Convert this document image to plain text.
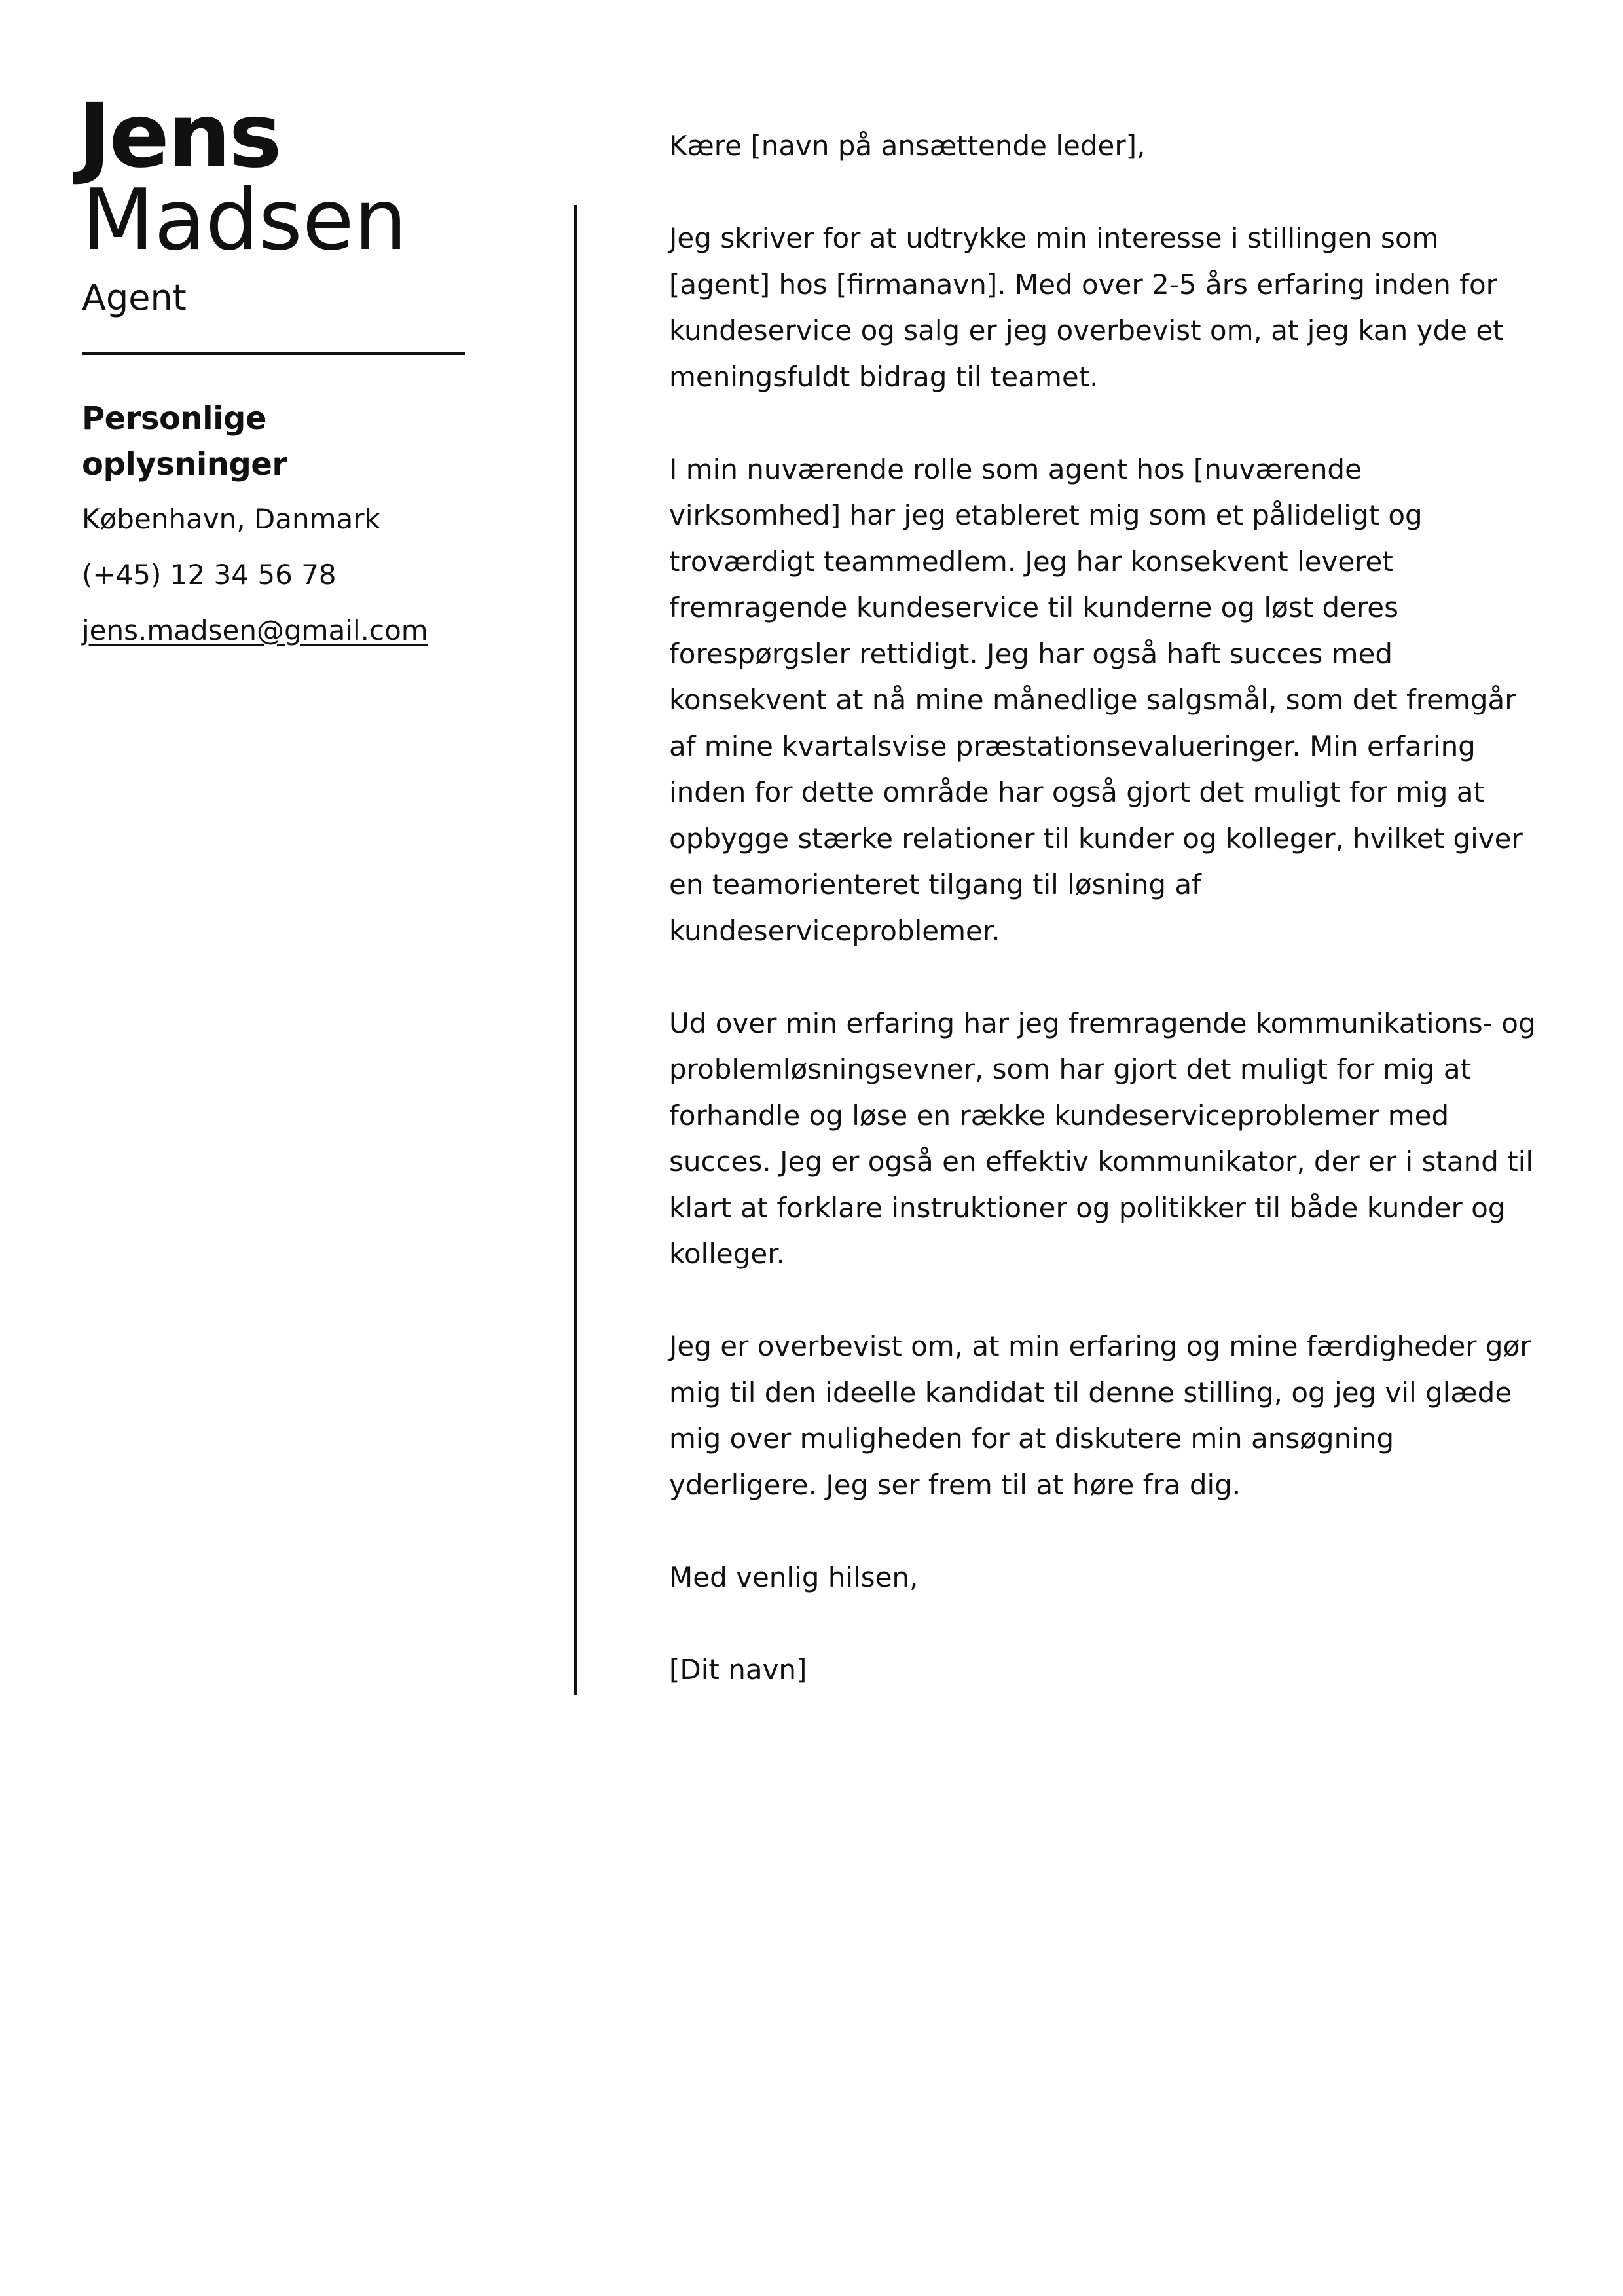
Jens
Madsen
Agent
Personlige oplysninger
København, Danmark
(+45) 12 34 56 78
jens.madsen@gmail.com

Kære [navn på ansættende leder],

Jeg skriver for at udtrykke min interesse i stillingen som [agent] hos [firmanavn]. Med over 2-5 års erfaring inden for kundeservice og salg er jeg overbevist om, at jeg kan yde et meningsfuldt bidrag til teamet.

I min nuværende rolle som agent hos [nuværende virksomhed] har jeg etableret mig som et pålideligt og troværdigt teammedlem. Jeg har konsekvent leveret fremragende kundeservice til kunderne og løst deres forespørgsler rettidigt. Jeg har også haft succes med konsekvent at nå mine månedlige salgsmål, som det fremgår af mine kvartalsvise præstationsevalueringer. Min erfaring inden for dette område har også gjort det muligt for mig at opbygge stærke relationer til kunder og kolleger, hvilket giver en teamorienteret tilgang til løsning af kundeserviceproblemer.

Ud over min erfaring har jeg fremragende kommunikations- og problemløsningsevner, som har gjort det muligt for mig at forhandle og løse en række kundeserviceproblemer med succes. Jeg er også en effektiv kommunikator, der er i stand til klart at forklare instruktioner og politikker til både kunder og kolleger.

Jeg er overbevist om, at min erfaring og mine færdigheder gør mig til den ideelle kandidat til denne stilling, og jeg vil glæde mig over muligheden for at diskutere min ansøgning yderligere. Jeg ser frem til at høre fra dig.

Med venlig hilsen,

[Dit navn]
